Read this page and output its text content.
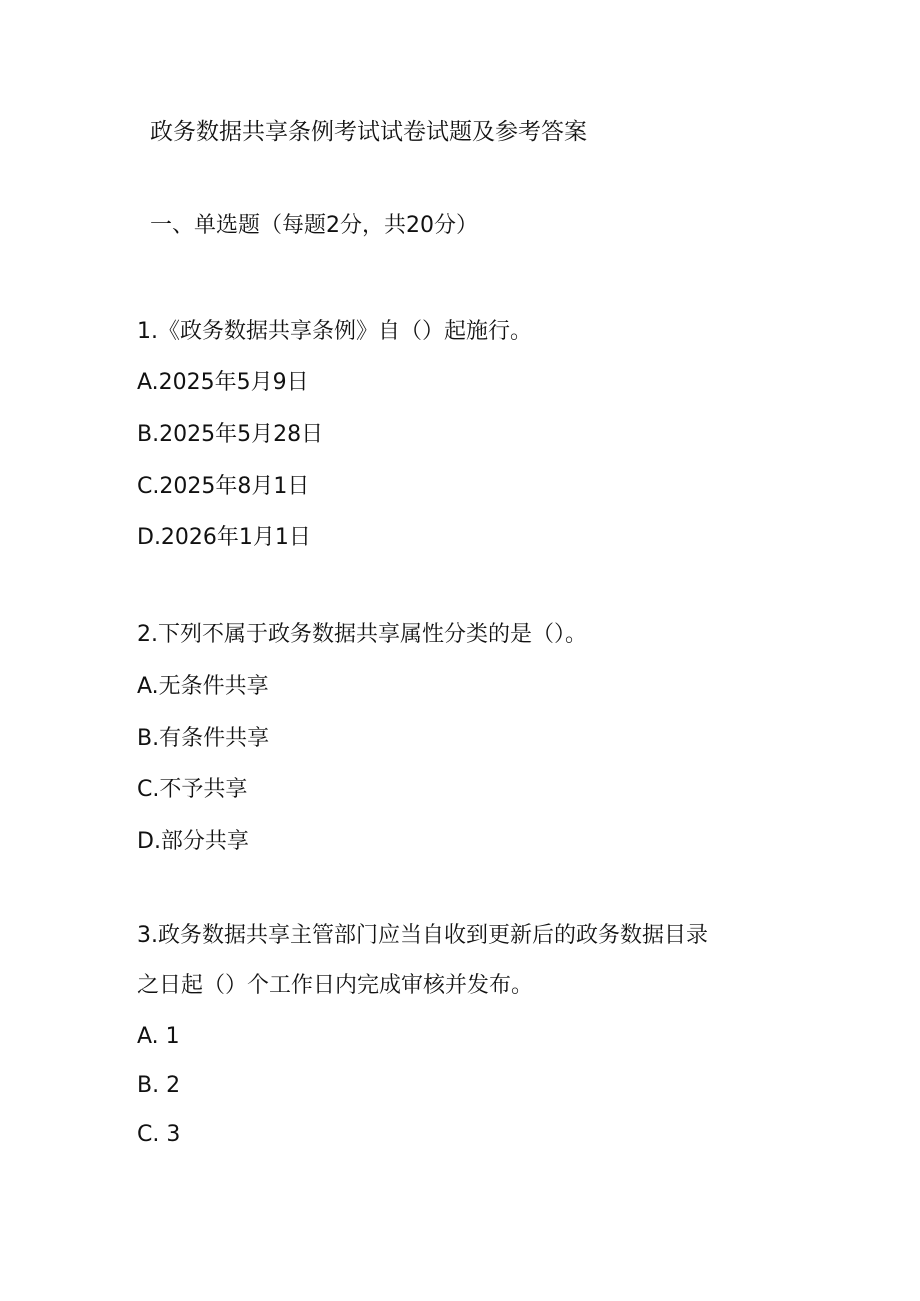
政务数据共享条例考试试卷试题及参考答案
一、单选题（每题2分，共20分）

1.《政务数据共享条例》自（）起施行。

A.2025年5月9日

B.2025年5月28日

C.2025年8月1日

D.2026年1月1日

2.下列不属于政务数据共享属性分类的是（）。

A.无条件共享

B.有条件共享

C.不予共享

D.部分共享

3.政务数据共享主管部门应当自收到更新后的政务数据目录

之日起（）个工作日内完成审核并发布。

A. 1

B. 2

C. 3
